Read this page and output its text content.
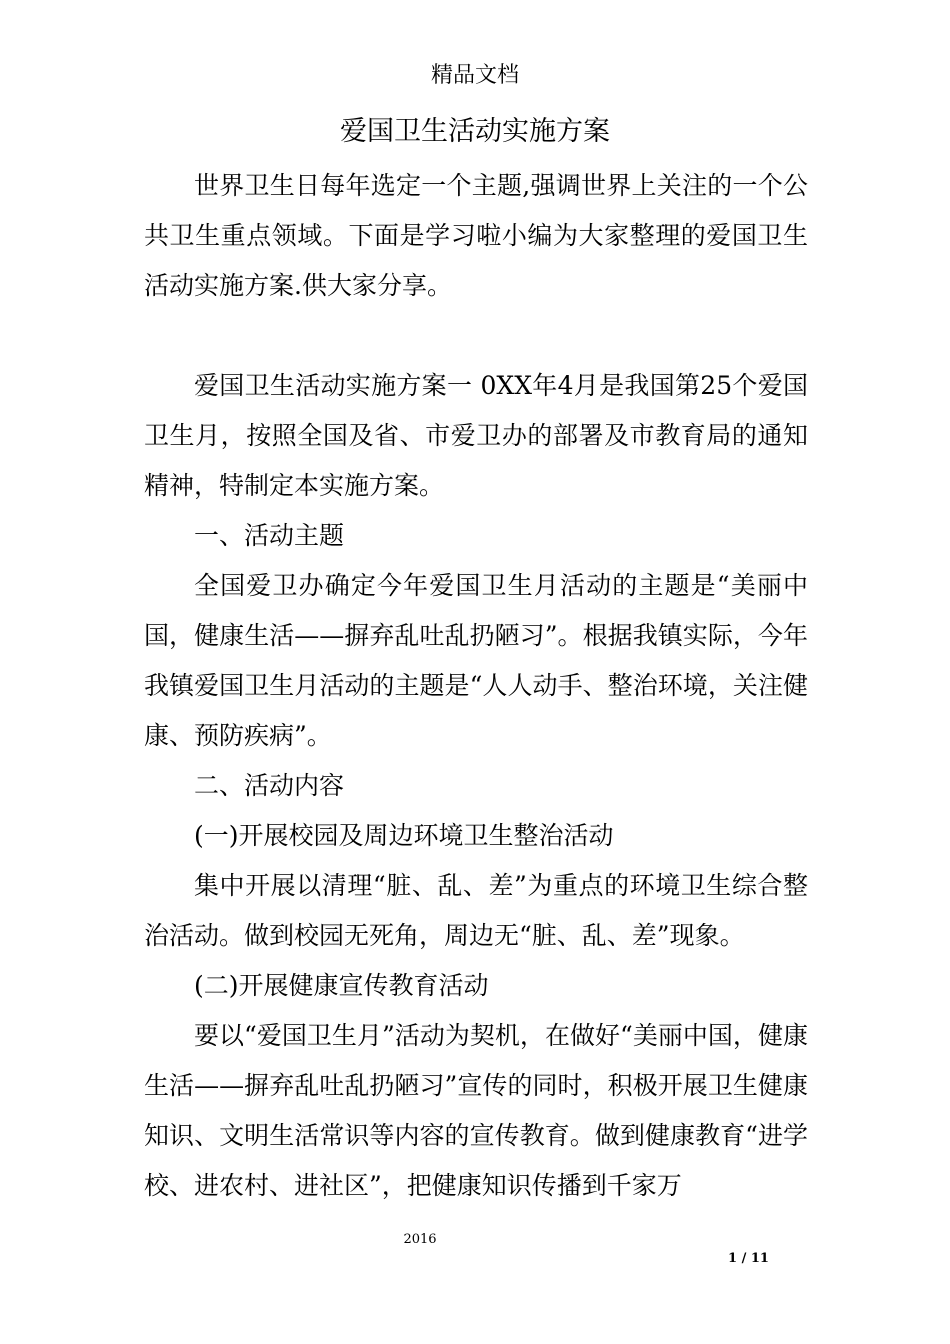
精品文档
爱国卫生活动实施方案

世界卫生日每年选定一个主题,强调世界上关注的一个公共卫生重点领域。下面是学习啦小编为大家整理的爱国卫生活动实施方案.供大家分享。

爱国卫生活动实施方案一 0XX年4月是我国第25个爱国卫生月，按照全国及省、市爱卫办的部署及市教育局的通知精神，特制定本实施方案。

一、活动主题

全国爱卫办确定今年爱国卫生月活动的主题是“美丽中国，健康生活——摒弃乱吐乱扔陋习”。根据我镇实际，今年我镇爱国卫生月活动的主题是“人人动手、整治环境，关注健康、预防疾病”。

二、活动内容

(一)开展校园及周边环境卫生整治活动

集中开展以清理“脏、乱、差”为重点的环境卫生综合整治活动。做到校园无死角，周边无“脏、乱、差”现象。

(二)开展健康宣传教育活动

要以“爱国卫生月”活动为契机，在做好“美丽中国，健康生活——摒弃乱吐乱扔陋习”宣传的同时，积极开展卫生健康知识、文明生活常识等内容的宣传教育。做到健康教育“进学校、进农村、进社区”，把健康知识传播到千家万

2016
1 / 11
